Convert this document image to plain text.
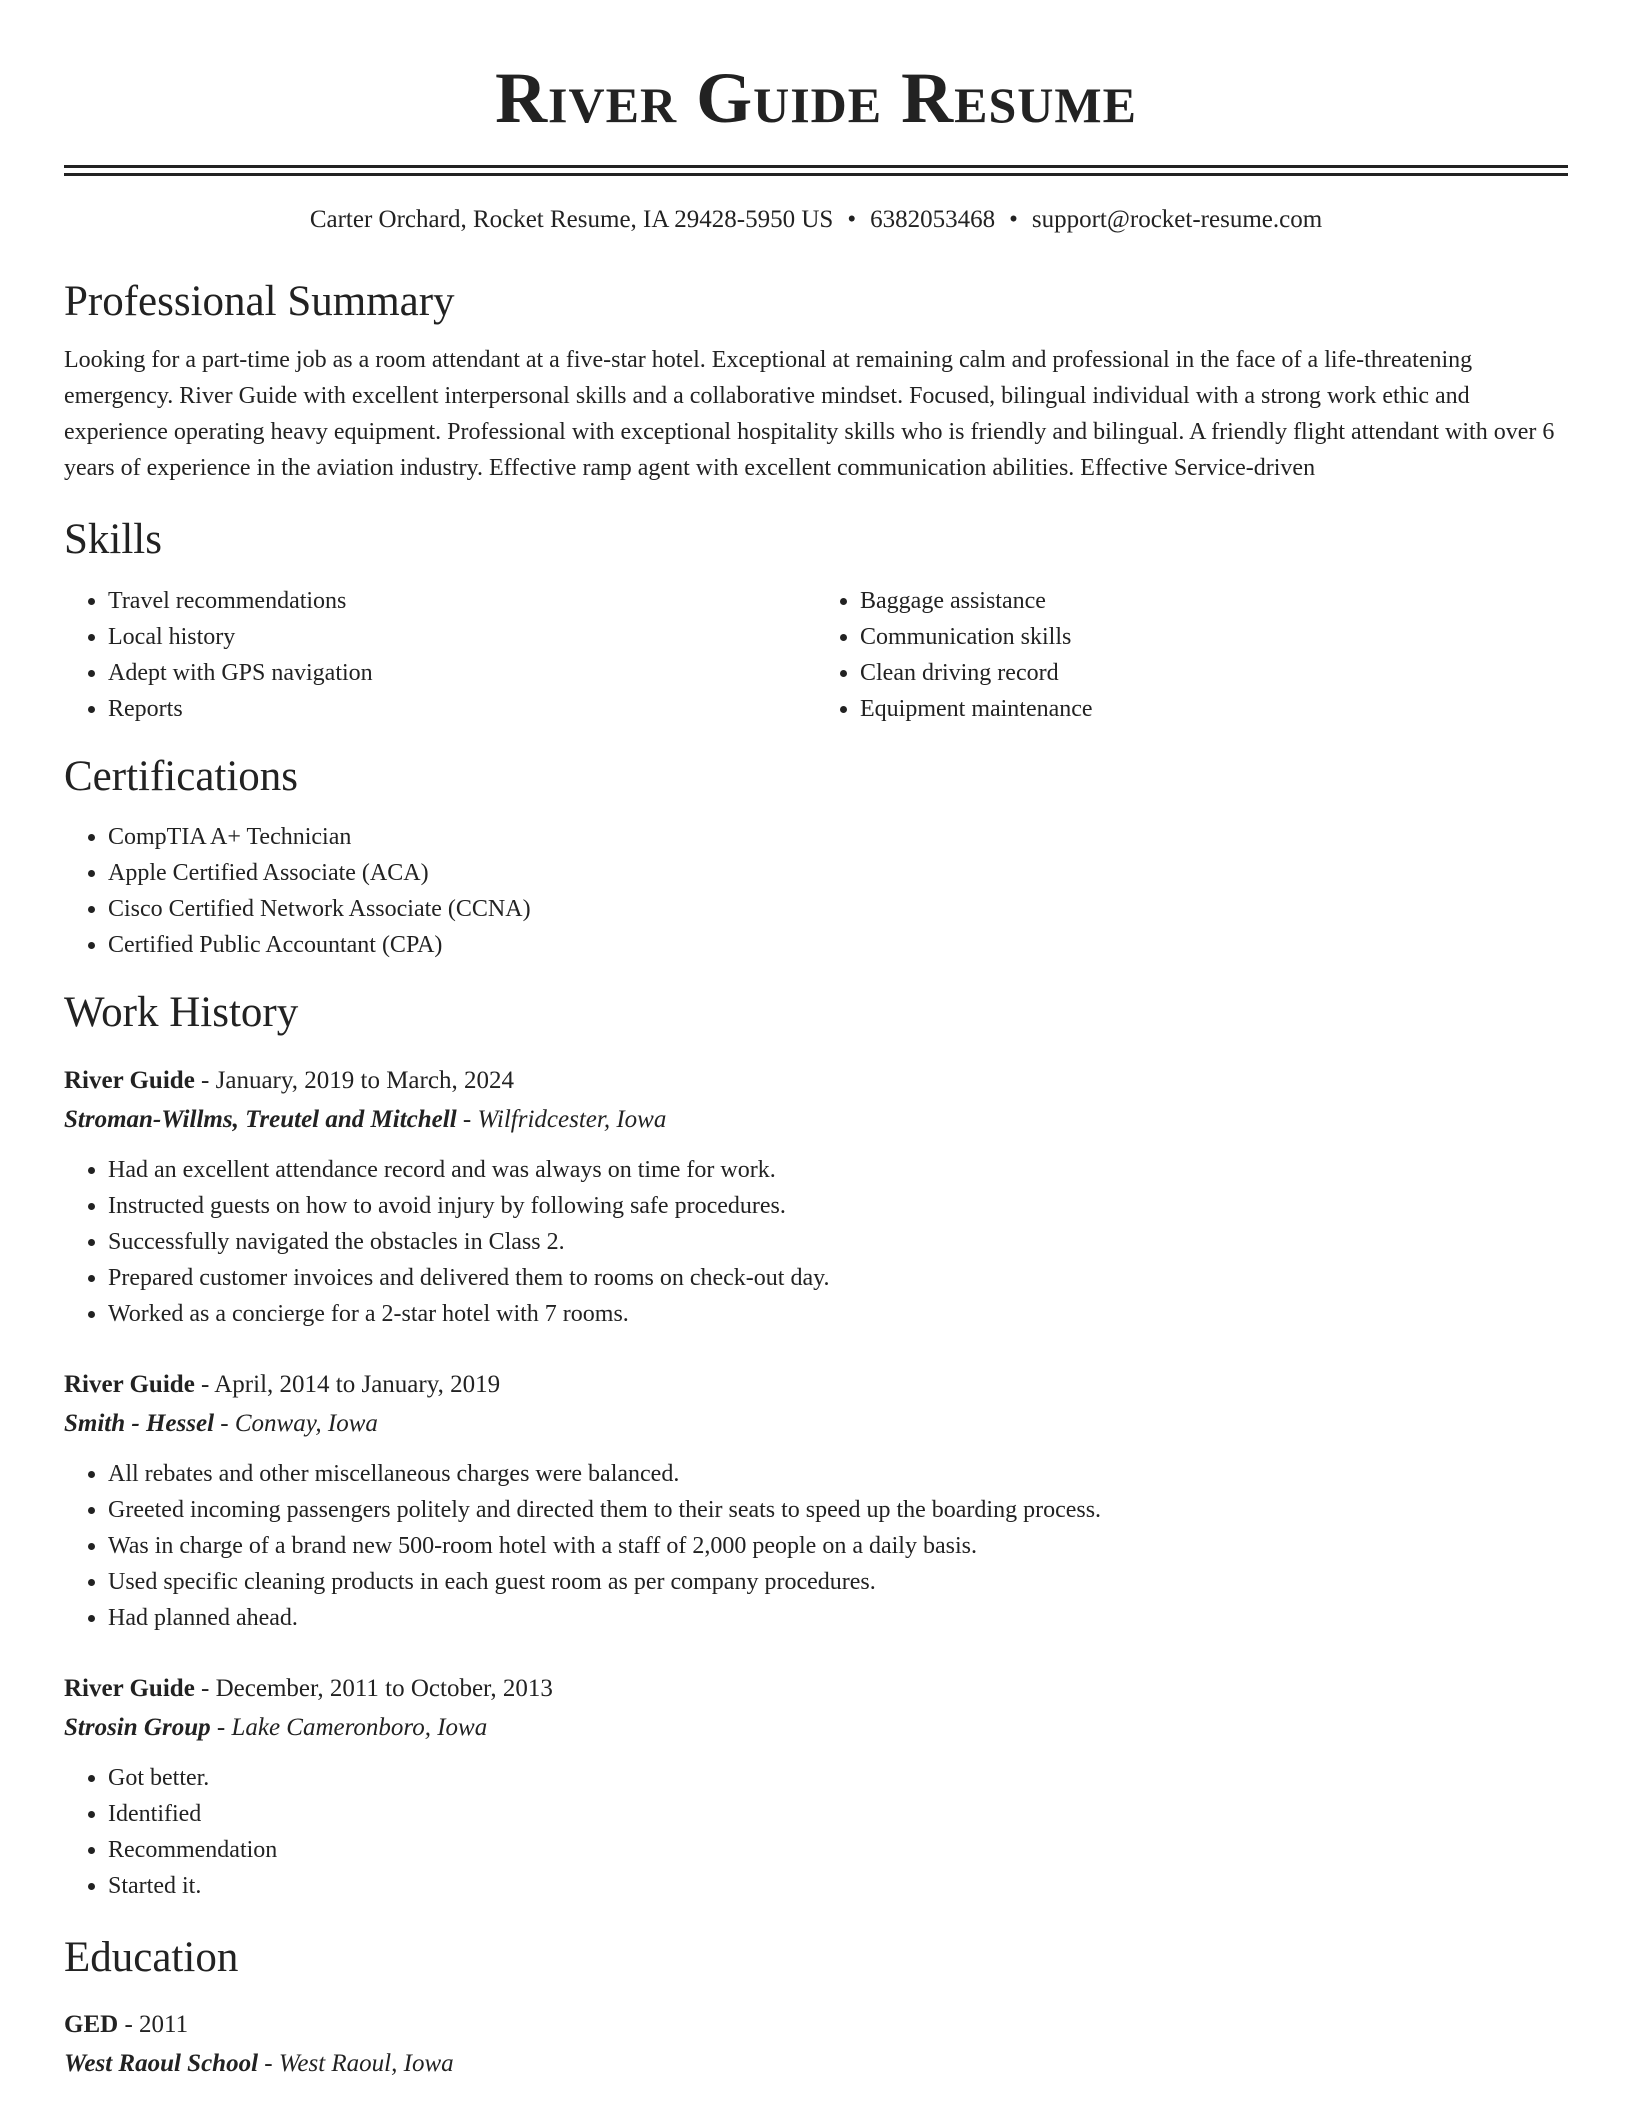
River Guide Resume
Carter Orchard, Rocket Resume, IA 29428-5950 US • 6382053468 • support@rocket-resume.com
Professional Summary

Looking for a part-time job as a room attendant at a five-star hotel. Exceptional at remaining calm and professional in the face of a life-threatening emergency. River Guide with excellent interpersonal skills and a collaborative mindset. Focused, bilingual individual with a strong work ethic and experience operating heavy equipment. Professional with exceptional hospitality skills who is friendly and bilingual. A friendly flight attendant with over 6 years of experience in the aviation industry. Effective ramp agent with excellent communication abilities. Effective Service-driven

Skills
• Travel recommendations
• Local history
• Adept with GPS navigation
• Reports
• Baggage assistance
• Communication skills
• Clean driving record
• Equipment maintenance
Certifications
• CompTIA A+ Technician
• Apple Certified Associate (ACA)
• Cisco Certified Network Associate (CCNA)
• Certified Public Accountant (CPA)
Work History
River Guide - January, 2019 to March, 2024
Stroman-Willms, Treutel and Mitchell - Wilfridcester, Iowa
• Had an excellent attendance record and was always on time for work.
• Instructed guests on how to avoid injury by following safe procedures.
• Successfully navigated the obstacles in Class 2.
• Prepared customer invoices and delivered them to rooms on check-out day.
• Worked as a concierge for a 2-star hotel with 7 rooms.
River Guide - April, 2014 to January, 2019
Smith - Hessel - Conway, Iowa
• All rebates and other miscellaneous charges were balanced.
• Greeted incoming passengers politely and directed them to their seats to speed up the boarding process.
• Was in charge of a brand new 500-room hotel with a staff of 2,000 people on a daily basis.
• Used specific cleaning products in each guest room as per company procedures.
• Had planned ahead.
River Guide - December, 2011 to October, 2013
Strosin Group - Lake Cameronboro, Iowa
• Got better.
• Identified
• Recommendation
• Started it.
Education
GED - 2011
West Raoul School - West Raoul, Iowa
